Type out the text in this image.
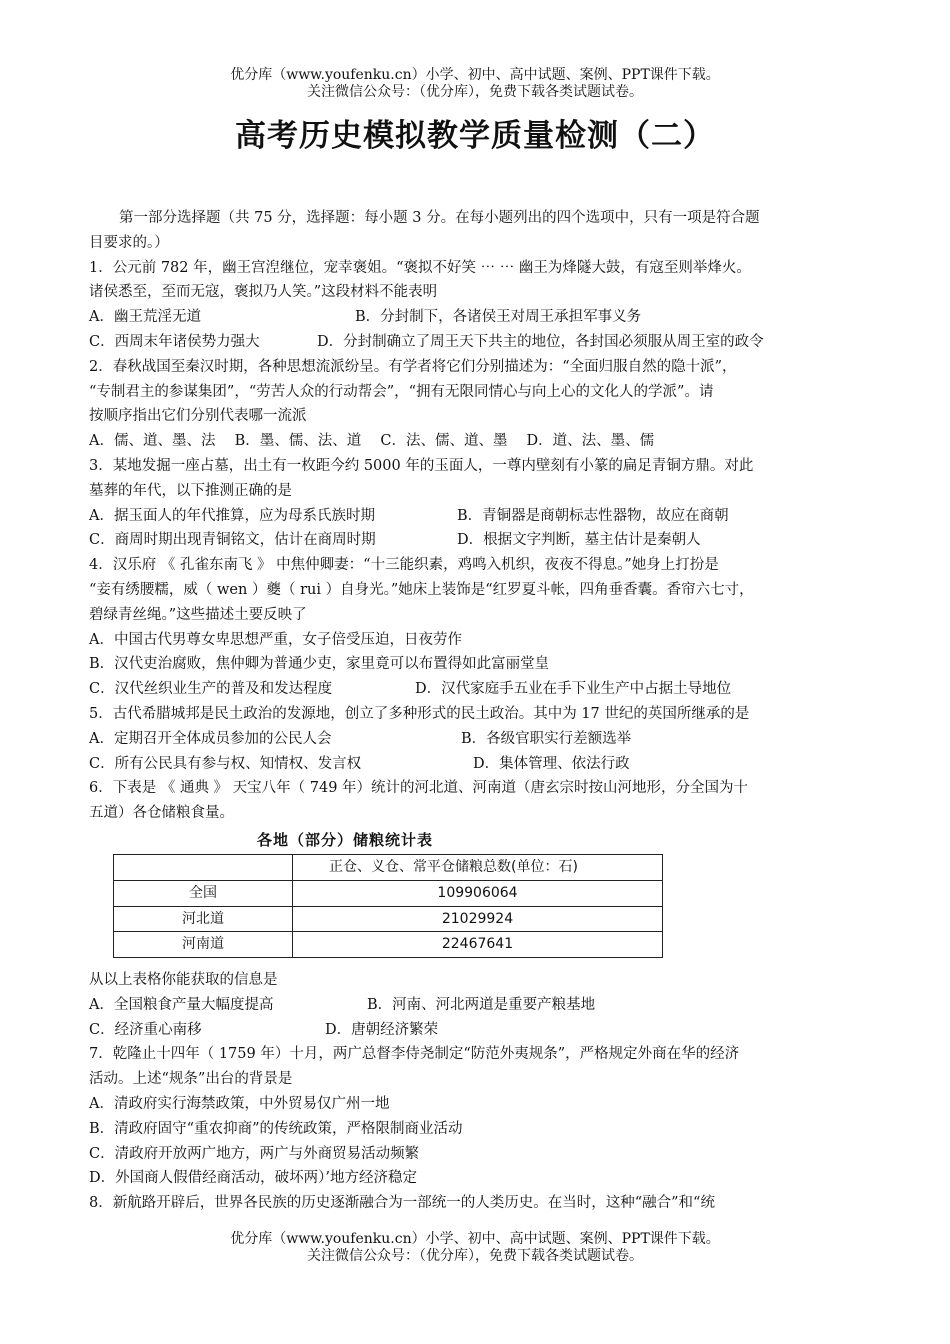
优分库（www.youfenku.cn）小学、初中、高中试题、案例、PPT课件下载。
关注微信公众号：（优分库），免费下载各类试题试卷。
高考历史模拟教学质量检测（二）

第一部分选择题（共 75 分，选择题：每小题 3 分。在每小题列出的四个选项中，只有一项是符合题

目要求的。）

1．公元前 782 年，幽王宫湼继位，宠幸褒姐。“褒拟不好笑 ⋯ ⋯ 幽王为烽隧大鼓，有寇至则举烽火。

诸侯悉至，至而无寇，褒拟乃人笑。”这段材料不能表明

A．幽王荒淫无道	B．分封制下，各诸侯王对周王承担军事义务
C．西周末年诸侯势力强大	D．分封制确立了周王天下共主的地位，各封国必须服从周王室的政令

2．春秋战国至秦汉时期，各种思想流派纷呈。有学者将它们分别描述为：“全面归服自然的隐十派”，

“专制君主的参谋集团”，“劳苦人众的行动帮会”，“拥有无限同情心与向上心的文化人的学派”。请

按顺序指出它们分别代表哪一流派

A．儒、道、墨、法　 B．墨、儒、法、道　 C．法、儒、道、墨　 D．道、法、墨、儒

3．某地发掘一座占墓，出土有一枚距今约 5000 年的玉面人，一尊内壁刻有小篆的扁足青铜方鼎。对此

墓葬的年代，以下推测正确的是

A．据玉面人的年代推算，应为母系氏族时期	B．青铜器是商朝标志性器物，故应在商朝
C．商周时期出现青铜铭文，估计在商周时期	D．根据文字判断，墓主估计是秦朝人

4．汉乐府 《 孔雀东南飞 》 中焦仲卿妻：“十三能织素，鸡鸣入机织，夜夜不得息。”她身上打扮是

“妾有绣腰糯，威（ wen ）夔（ rui ）自身光。”她床上装饰是“红罗夏斗帐，四角垂香囊。香帘六七寸，

碧绿青丝绳。”这些描述土要反映了

A．中国古代男尊女卑思想严重，女子倍受压迫，日夜劳作

B．汉代吏治腐败，焦仲卿为普通少吏，家里竟可以布置得如此富丽堂皇

C．汉代丝织业生产的普及和发达程度	D．汉代家庭手五业在手下业生产中占据土导地位

5．古代希腊城邦是民土政治的发源地，创立了多种形式的民土政治。其中为 17 世纪的英国所继承的是

A．定期召开全体成员参加的公民人会	B．各级官职实行差额选举
C．所有公民具有参与权、知情权、发言权	D．集体管理、依法行政

6．下表是 《 通典 》 天宝八年（ 749 年）统计的河北道、河南道（唐玄宗时按山河地形，分全国为十

五道）各仓储粮食量。

各地（部分）储粮统计表
	正仓、义仓、常平仓储粮总数(单位：石)
全国	109906064
河北道	21029924
河南道	22467641

从以上表格你能获取的信息是

A．全国粮食产量大幅度提高	B．河南、河北两道是重要产粮基地
C．经济重心南移	D．唐朝经济繁荣

7．乾隆止十四年（ 1759 年）十月，两广总督李侍尧制定“防范外夷规条”，严格规定外商在华的经济

活动。上述“规条”出台的背景是

A．清政府实行海禁政策，中外贸易仅广州一地

B．清政府固守“重农抑商”的传统政策，严格限制商业活动

C．清政府开放两广地方，两广与外商贸易活动频繁

D．外国商人假借经商活动，破坏两）’地方经济稳定

8．新航路开辟后，世界各民族的历史逐渐融合为一部统一的人类历史。在当时，这种“融合”和“统

优分库（www.youfenku.cn）小学、初中、高中试题、案例、PPT课件下载。
关注微信公众号：（优分库），免费下载各类试题试卷。
